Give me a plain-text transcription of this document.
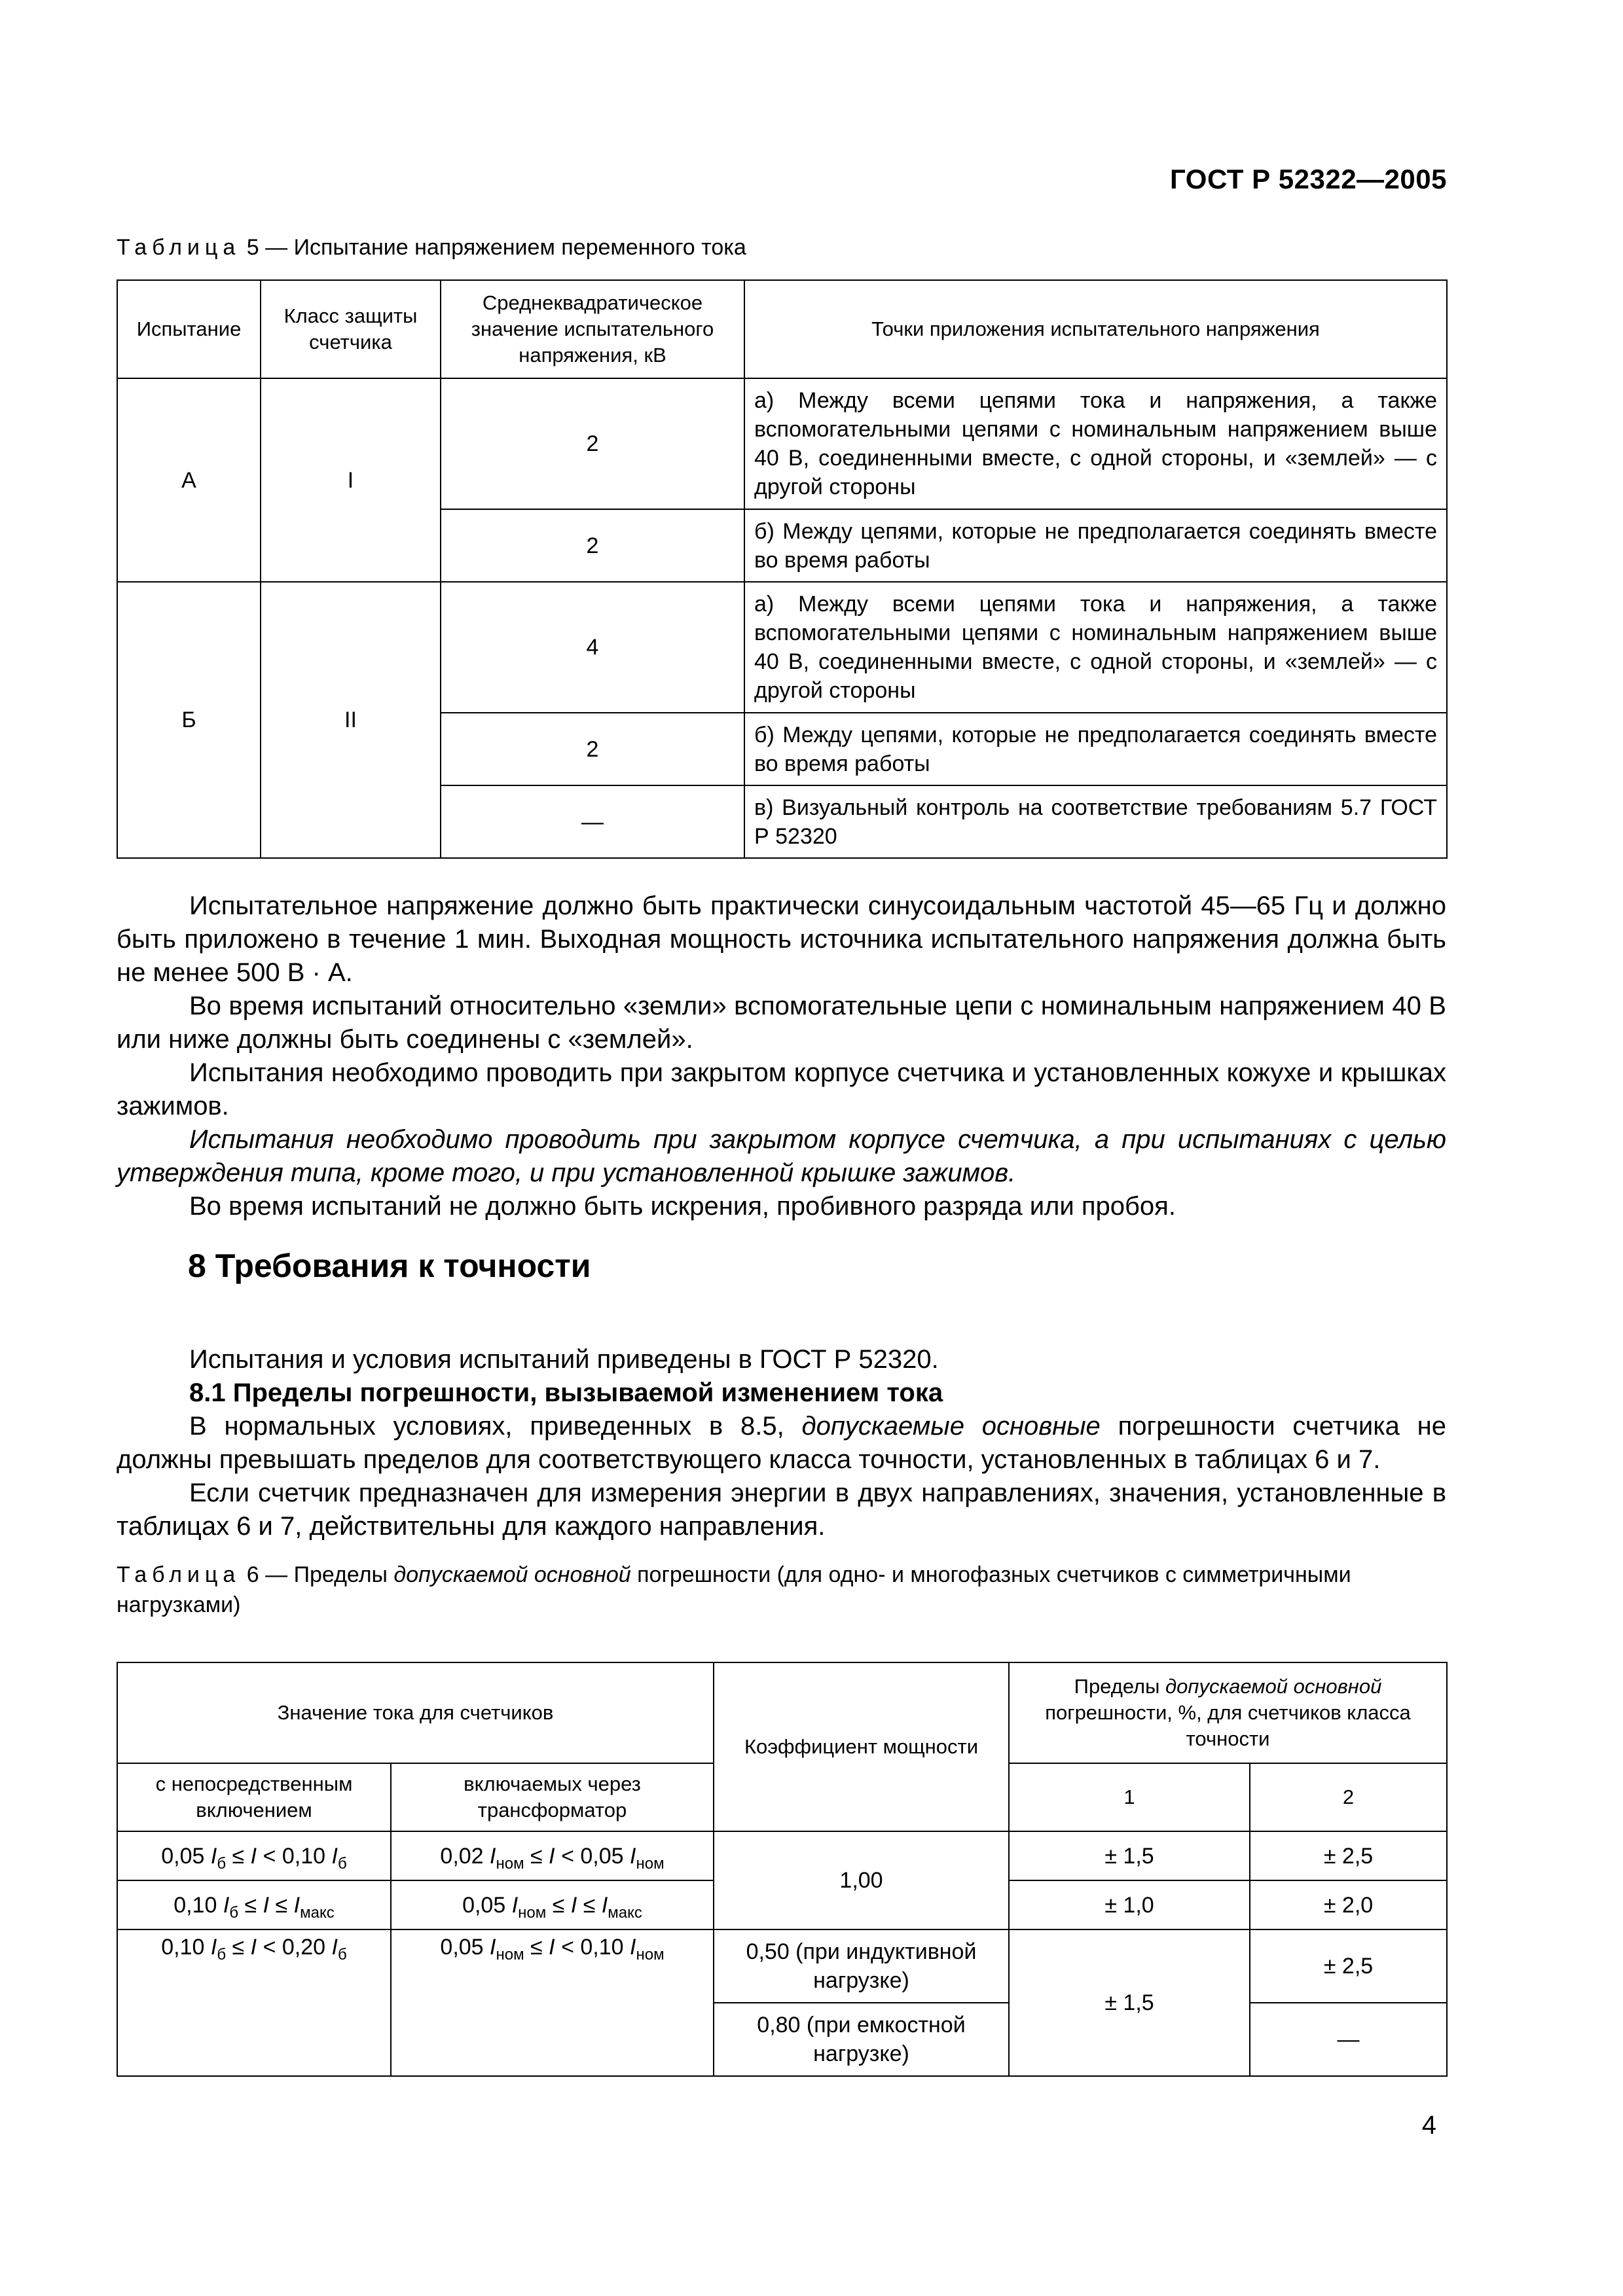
ГОСТ Р 52322—2005
Таблица 5 — Испытание напряжением переменного тока
Испытание	Класс защиты счетчика	Среднеквадратическое значение испытательного напряжения, кВ	Точки приложения испытательного напряжения
А	I	2	а) Между всеми цепями тока и напряжения, а также вспомогательными цепями с номинальным напряжением выше 40 В, соединенными вместе, с одной стороны, и «землей» — с другой стороны
		2	б) Между цепями, которые не предполагается соединять вместе во время работы
Б	II	4	а) Между всеми цепями тока и напряжения, а также вспомогательными цепями с номинальным напряжением выше 40 В, соединенными вместе, с одной стороны, и «землей» — с другой стороны
		2	б) Между цепями, которые не предполагается соединять вместе во время работы
		—	в) Визуальный контроль на соответствие требованиям 5.7 ГОСТ Р 52320

Испытательное напряжение должно быть практически синусоидальным частотой 45—65 Гц и должно быть приложено в течение 1 мин. Выходная мощность источника испытательного напряжения должна быть не менее 500 В · А.

Во время испытаний относительно «земли» вспомогательные цепи с номинальным напряжением 40 В или ниже должны быть соединены с «землей».

Испытания необходимо проводить при закрытом корпусе счетчика и установленных кожухе и крышках зажимов.

Испытания необходимо проводить при закрытом корпусе счетчика, а при испытаниях с целью утверждения типа, кроме того, и при установленной крышке зажимов.

Во время испытаний не должно быть искрения, пробивного разряда или пробоя.

8 Требования к точности

Испытания и условия испытаний приведены в ГОСТ Р 52320.

8.1 Пределы погрешности, вызываемой изменением тока

В нормальных условиях, приведенных в 8.5, допускаемые основные погрешности счетчика не должны превышать пределов для соответствующего класса точности, установленных в таблицах 6 и 7.

Если счетчик предназначен для измерения энергии в двух направлениях, значения, установленные в таблицах 6 и 7, действительны для каждого направления.

Таблица 6 — Пределы допускаемой основной погрешности (для одно- и многофазных счетчиков с симметричными нагрузками)
Значение тока для счетчиков		Коэффициент мощности	Пределы допускаемой основной погрешности, %, для счетчиков класса точности	
с непосредственным включением	включаемых через трансформатор		1	2
0,05 $I_б \le I < 0,10$ $I_б$	0,02 $I_{ном} \le I < 0,05$ $I_{ном}$	1,00	± 1,5	± 2,5
0,10 $I_б \le I \le I_{макс}$	0,05 $I_{ном} \le I \le I_{макс}$		± 1,0	± 2,0
0,10 $I_б \le I < 0,20$ $I_б$	0,05 $I_{ном} \le I < 0,10$ $I_{ном}$	0,50 (при индуктивной нагрузке)	± 1,5	± 2,5
		0,80 (при емкостной нагрузке)		—
4
